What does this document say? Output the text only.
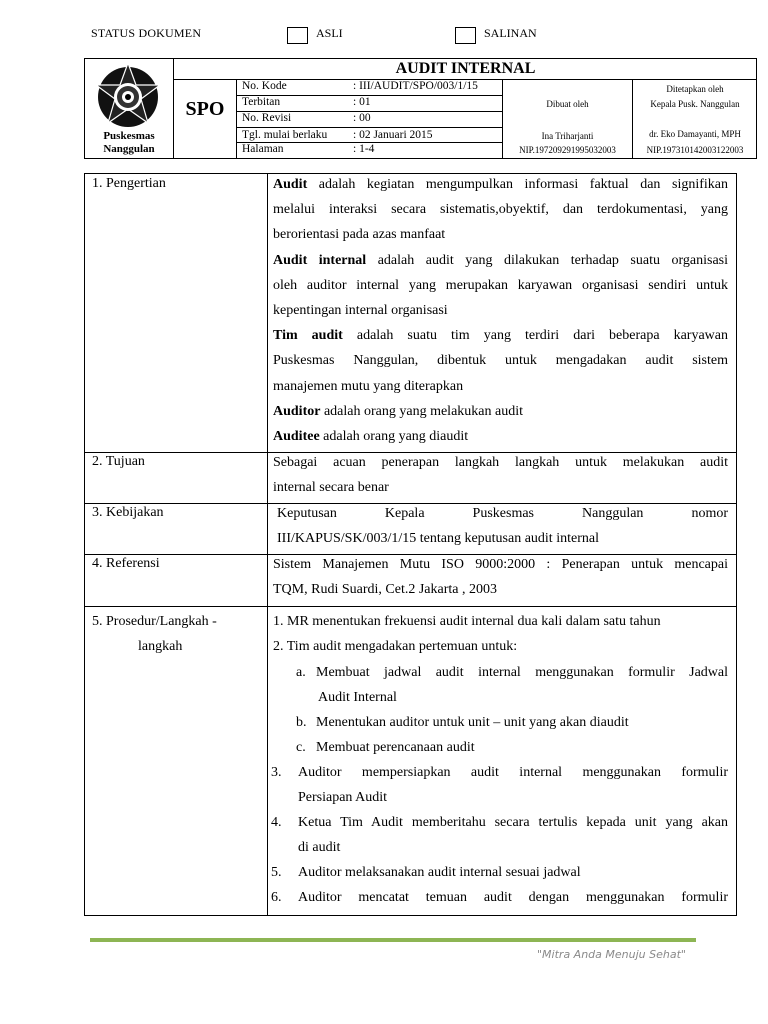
STATUS DOKUMEN	ASLI	SALINAN
Puskesmas
Nanggulan
AUDIT INTERNAL
SPO
No. Kode	: III/AUDIT/SPO/003/1/15
Terbitan	: 01
No. Revisi	: 00
Tgl. mulai berlaku : 02 Januari 2015
Halaman	: 1-4
Dibuat oleh
Ina Triharjanti
NIP.197209291995032003
Ditetapkan oleh
Kepala Pusk. Nanggulan
dr. Eko Damayanti, MPH
NIP.197310142003122003
1. Pengertian	Audit adalah kegiatan mengumpulkan informasi faktual dan signifikan
melalui interaksi secara sistematis,obyektif, dan terdokumentasi, yang
berorientasi pada azas manfaat
Audit internal adalah audit yang dilakukan terhadap suatu organisasi
oleh auditor internal yang merupakan karyawan organisasi sendiri untuk
kepentingan internal organisasi
Tim audit adalah suatu tim yang terdiri dari beberapa karyawan
Puskesmas Nanggulan, dibentuk untuk mengadakan audit sistem
manajemen mutu yang diterapkan
Auditor adalah orang yang melakukan audit
Auditee adalah orang yang diaudit
2. Tujuan	Sebagai acuan penerapan langkah langkah untuk melakukan audit
internal secara benar
3. Kebijakan	Keputusan Kepala Puskesmas Nanggulan nomor
III/KAPUS/SK/003/1/15 tentang keputusan audit internal
4. Referensi	Sistem Manajemen Mutu ISO 9000:2000 : Penerapan untuk mencapai
TQM, Rudi Suardi, Cet.2 Jakarta , 2003
5. Prosedur/Langkah -
langkah
1. MR menentukan frekuensi audit internal dua kali dalam satu tahun
2. Tim audit mengadakan pertemuan untuk:
a. Membuat jadwal audit internal menggunakan formulir Jadwal
Audit Internal
b. Menentukan auditor untuk unit – unit yang akan diaudit
c. Membuat perencanaan audit
3. Auditor mempersiapkan audit internal menggunakan formulir
Persiapan Audit
4. Ketua Tim Audit memberitahu secara tertulis kepada unit yang akan
di audit
5. Auditor melaksanakan audit internal sesuai jadwal
6. Auditor mencatat temuan audit dengan menggunakan formulir
"Mitra Anda Menuju Sehat"
